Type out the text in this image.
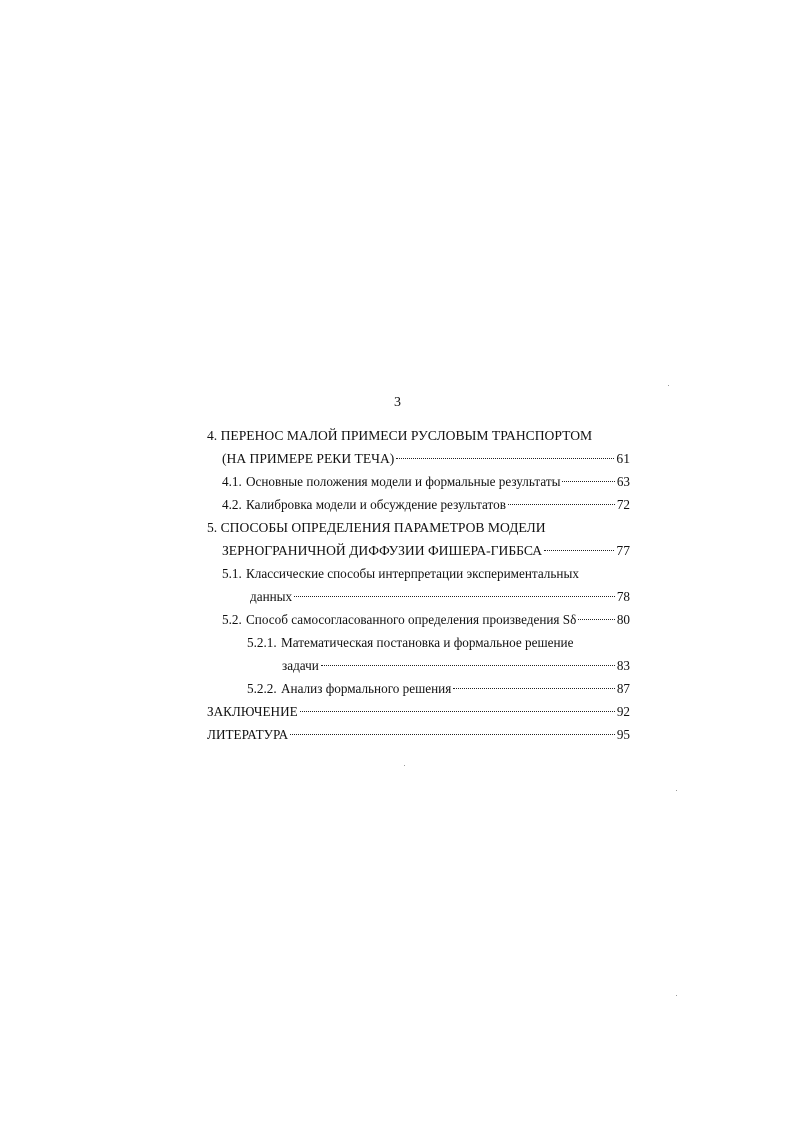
3
4. ПЕРЕНОС МАЛОЙ ПРИМЕСИ РУСЛОВЫМ ТРАНСПОРТОМ
(НА ПРИМЕРЕ РЕКИ ТЕЧА)	61
4.1. Основные положения модели и формальные результаты	63
4.2. Калибровка модели и обсуждение результатов	72
5. СПОСОБЫ ОПРЕДЕЛЕНИЯ ПАРАМЕТРОВ МОДЕЛИ
ЗЕРНОГРАНИЧНОЙ ДИФФУЗИИ ФИШЕРА-ГИББСА	77
5.1. Классические способы интерпретации экспериментальных
данных	78
5.2. Способ самосогласованного определения произведения Sδ	80
5.2.1. Математическая постановка и формальное решение
задачи	83
5.2.2. Анализ формального решения	87
ЗАКЛЮЧЕНИЕ	92
ЛИТЕРАТУРА	95
